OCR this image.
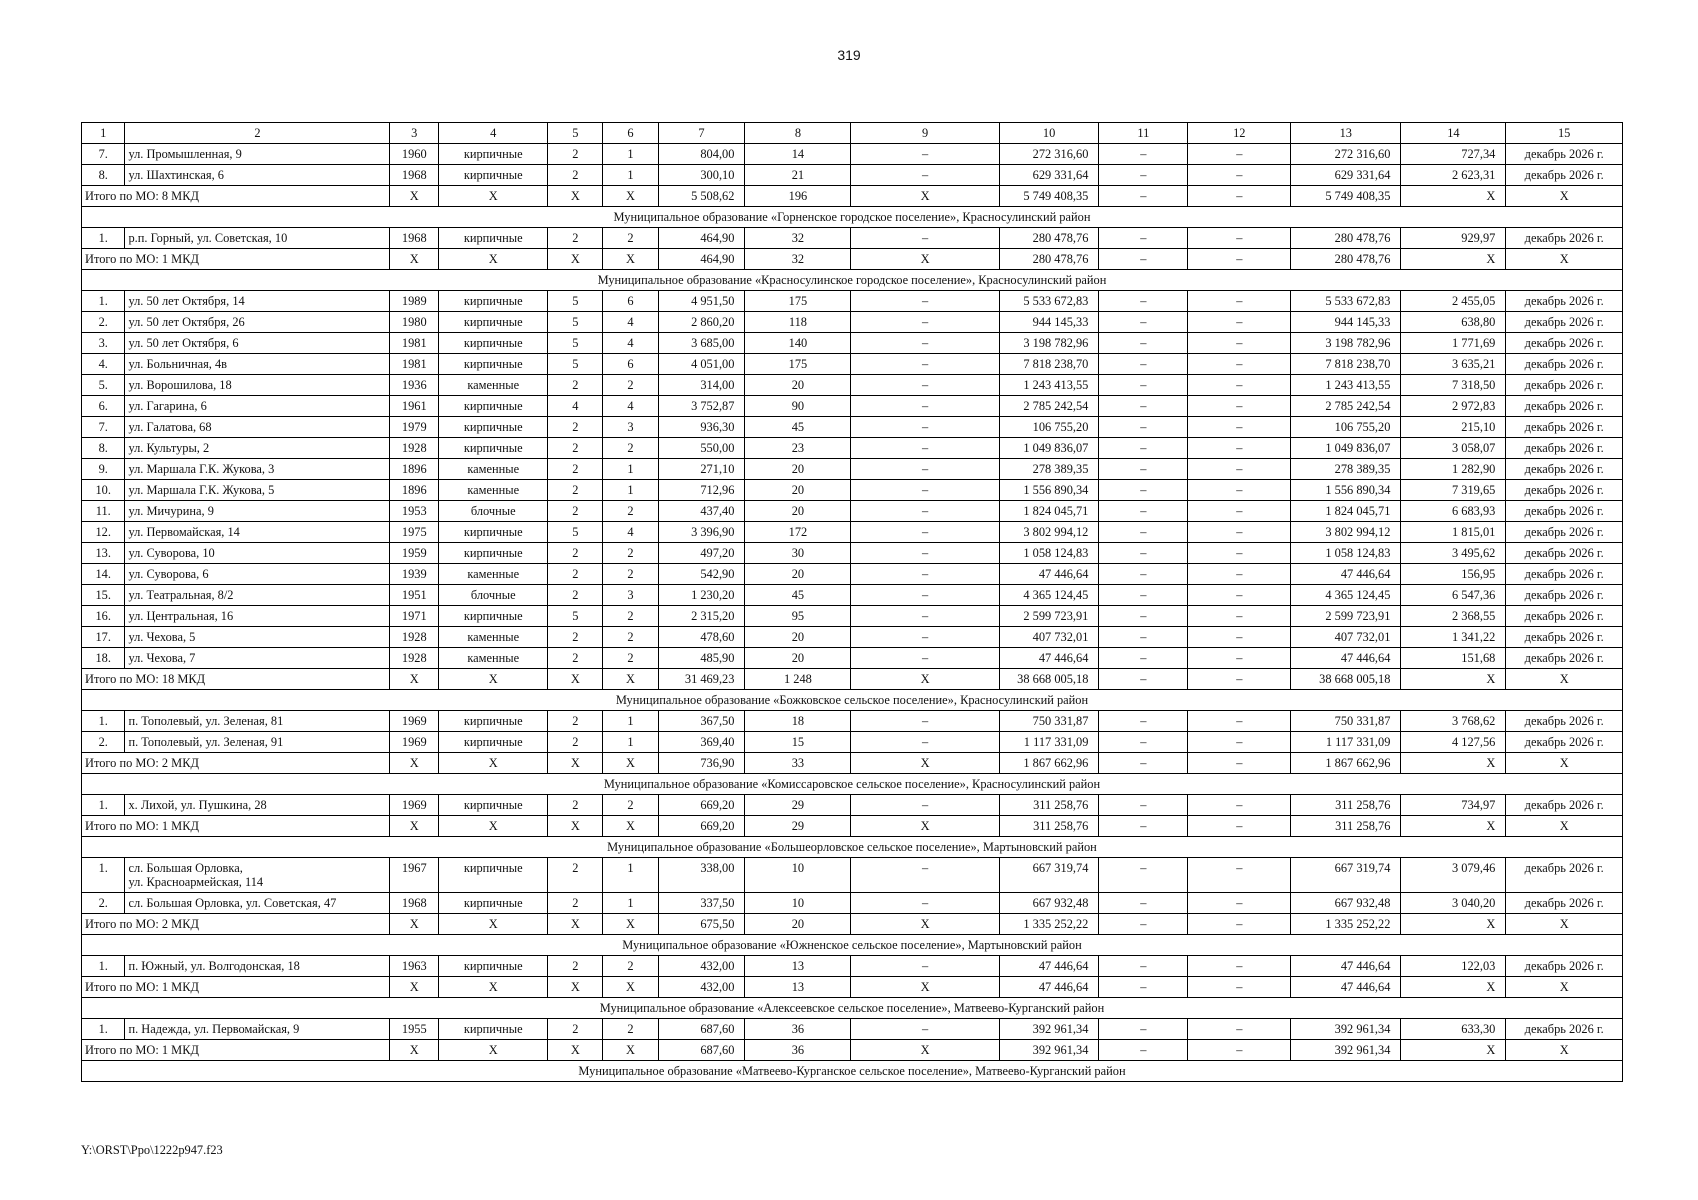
319
1	2	3	4	5	6	7	8	9	10	11	12	13	14	15
7.	ул. Промышленная, 9	1960	кирпичные	2	1	804,00	14	–	272 316,60	–	–	272 316,60	727,34	декабрь 2026 г.
8.	ул. Шахтинская, 6	1968	кирпичные	2	1	300,10	21	–	629 331,64	–	–	629 331,64	2 623,31	декабрь 2026 г.
Итого по МО: 8 МКД		X	X	X	X	5 508,62	196	X	5 749 408,35	–	–	5 749 408,35	X	X
Муниципальное образование «Горненское городское поселение», Красносулинский район														
1.	р.п. Горный, ул. Советская, 10	1968	кирпичные	2	2	464,90	32	–	280 478,76	–	–	280 478,76	929,97	декабрь 2026 г.
Итого по МО: 1 МКД		X	X	X	X	464,90	32	X	280 478,76	–	–	280 478,76	X	X
Муниципальное образование «Красносулинское городское поселение», Красносулинский район														
1.	ул. 50 лет Октября, 14	1989	кирпичные	5	6	4 951,50	175	–	5 533 672,83	–	–	5 533 672,83	2 455,05	декабрь 2026 г.
2.	ул. 50 лет Октября, 26	1980	кирпичные	5	4	2 860,20	118	–	944 145,33	–	–	944 145,33	638,80	декабрь 2026 г.
3.	ул. 50 лет Октября, 6	1981	кирпичные	5	4	3 685,00	140	–	3 198 782,96	–	–	3 198 782,96	1 771,69	декабрь 2026 г.
4.	ул. Больничная, 4в	1981	кирпичные	5	6	4 051,00	175	–	7 818 238,70	–	–	7 818 238,70	3 635,21	декабрь 2026 г.
5.	ул. Ворошилова, 18	1936	каменные	2	2	314,00	20	–	1 243 413,55	–	–	1 243 413,55	7 318,50	декабрь 2026 г.
6.	ул. Гагарина, 6	1961	кирпичные	4	4	3 752,87	90	–	2 785 242,54	–	–	2 785 242,54	2 972,83	декабрь 2026 г.
7.	ул. Галатова, 68	1979	кирпичные	2	3	936,30	45	–	106 755,20	–	–	106 755,20	215,10	декабрь 2026 г.
8.	ул. Культуры, 2	1928	кирпичные	2	2	550,00	23	–	1 049 836,07	–	–	1 049 836,07	3 058,07	декабрь 2026 г.
9.	ул. Маршала Г.К. Жукова, 3	1896	каменные	2	1	271,10	20	–	278 389,35	–	–	278 389,35	1 282,90	декабрь 2026 г.
10.	ул. Маршала Г.К. Жукова, 5	1896	каменные	2	1	712,96	20	–	1 556 890,34	–	–	1 556 890,34	7 319,65	декабрь 2026 г.
11.	ул. Мичурина, 9	1953	блочные	2	2	437,40	20	–	1 824 045,71	–	–	1 824 045,71	6 683,93	декабрь 2026 г.
12.	ул. Первомайская, 14	1975	кирпичные	5	4	3 396,90	172	–	3 802 994,12	–	–	3 802 994,12	1 815,01	декабрь 2026 г.
13.	ул. Суворова, 10	1959	кирпичные	2	2	497,20	30	–	1 058 124,83	–	–	1 058 124,83	3 495,62	декабрь 2026 г.
14.	ул. Суворова, 6	1939	каменные	2	2	542,90	20	–	47 446,64	–	–	47 446,64	156,95	декабрь 2026 г.
15.	ул. Театральная, 8/2	1951	блочные	2	3	1 230,20	45	–	4 365 124,45	–	–	4 365 124,45	6 547,36	декабрь 2026 г.
16.	ул. Центральная, 16	1971	кирпичные	5	2	2 315,20	95	–	2 599 723,91	–	–	2 599 723,91	2 368,55	декабрь 2026 г.
17.	ул. Чехова, 5	1928	каменные	2	2	478,60	20	–	407 732,01	–	–	407 732,01	1 341,22	декабрь 2026 г.
18.	ул. Чехова, 7	1928	каменные	2	2	485,90	20	–	47 446,64	–	–	47 446,64	151,68	декабрь 2026 г.
Итого по МО: 18 МКД		X	X	X	X	31 469,23	1 248	X	38 668 005,18	–	–	38 668 005,18	X	X
Муниципальное образование «Божковское сельское поселение», Красносулинский район														
1.	п. Тополевый, ул. Зеленая, 81	1969	кирпичные	2	1	367,50	18	–	750 331,87	–	–	750 331,87	3 768,62	декабрь 2026 г.
2.	п. Тополевый, ул. Зеленая, 91	1969	кирпичные	2	1	369,40	15	–	1 117 331,09	–	–	1 117 331,09	4 127,56	декабрь 2026 г.
Итого по МО: 2 МКД		X	X	X	X	736,90	33	X	1 867 662,96	–	–	1 867 662,96	X	X
Муниципальное образование «Комиссаровское сельское поселение», Красносулинский район														
1.	х. Лихой, ул. Пушкина, 28	1969	кирпичные	2	2	669,20	29	–	311 258,76	–	–	311 258,76	734,97	декабрь 2026 г.
Итого по МО: 1 МКД		X	X	X	X	669,20	29	X	311 258,76	–	–	311 258,76	X	X
Муниципальное образование «Большеорловское сельское поселение», Мартыновский район														
1.	сл. Большая Орловка,
ул. Красноармейская, 114	1967	кирпичные	2	1	338,00	10	–	667 319,74	–	–	667 319,74	3 079,46	декабрь 2026 г.
2.	сл. Большая Орловка, ул. Советская, 47	1968	кирпичные	2	1	337,50	10	–	667 932,48	–	–	667 932,48	3 040,20	декабрь 2026 г.
Итого по МО: 2 МКД		X	X	X	X	675,50	20	X	1 335 252,22	–	–	1 335 252,22	X	X
Муниципальное образование «Южненское сельское поселение», Мартыновский район														
1.	п. Южный, ул. Волгодонская, 18	1963	кирпичные	2	2	432,00	13	–	47 446,64	–	–	47 446,64	122,03	декабрь 2026 г.
Итого по МО: 1 МКД		X	X	X	X	432,00	13	X	47 446,64	–	–	47 446,64	X	X
Муниципальное образование «Алексеевское сельское поселение», Матвеево-Курганский район														
1.	п. Надежда, ул. Первомайская, 9	1955	кирпичные	2	2	687,60	36	–	392 961,34	–	–	392 961,34	633,30	декабрь 2026 г.
Итого по МО: 1 МКД		X	X	X	X	687,60	36	X	392 961,34	–	–	392 961,34	X	X
Муниципальное образование «Матвеево-Курганское сельское поселение», Матвеево-Курганский район														
Y:\ORST\Ppo\1222p947.f23
